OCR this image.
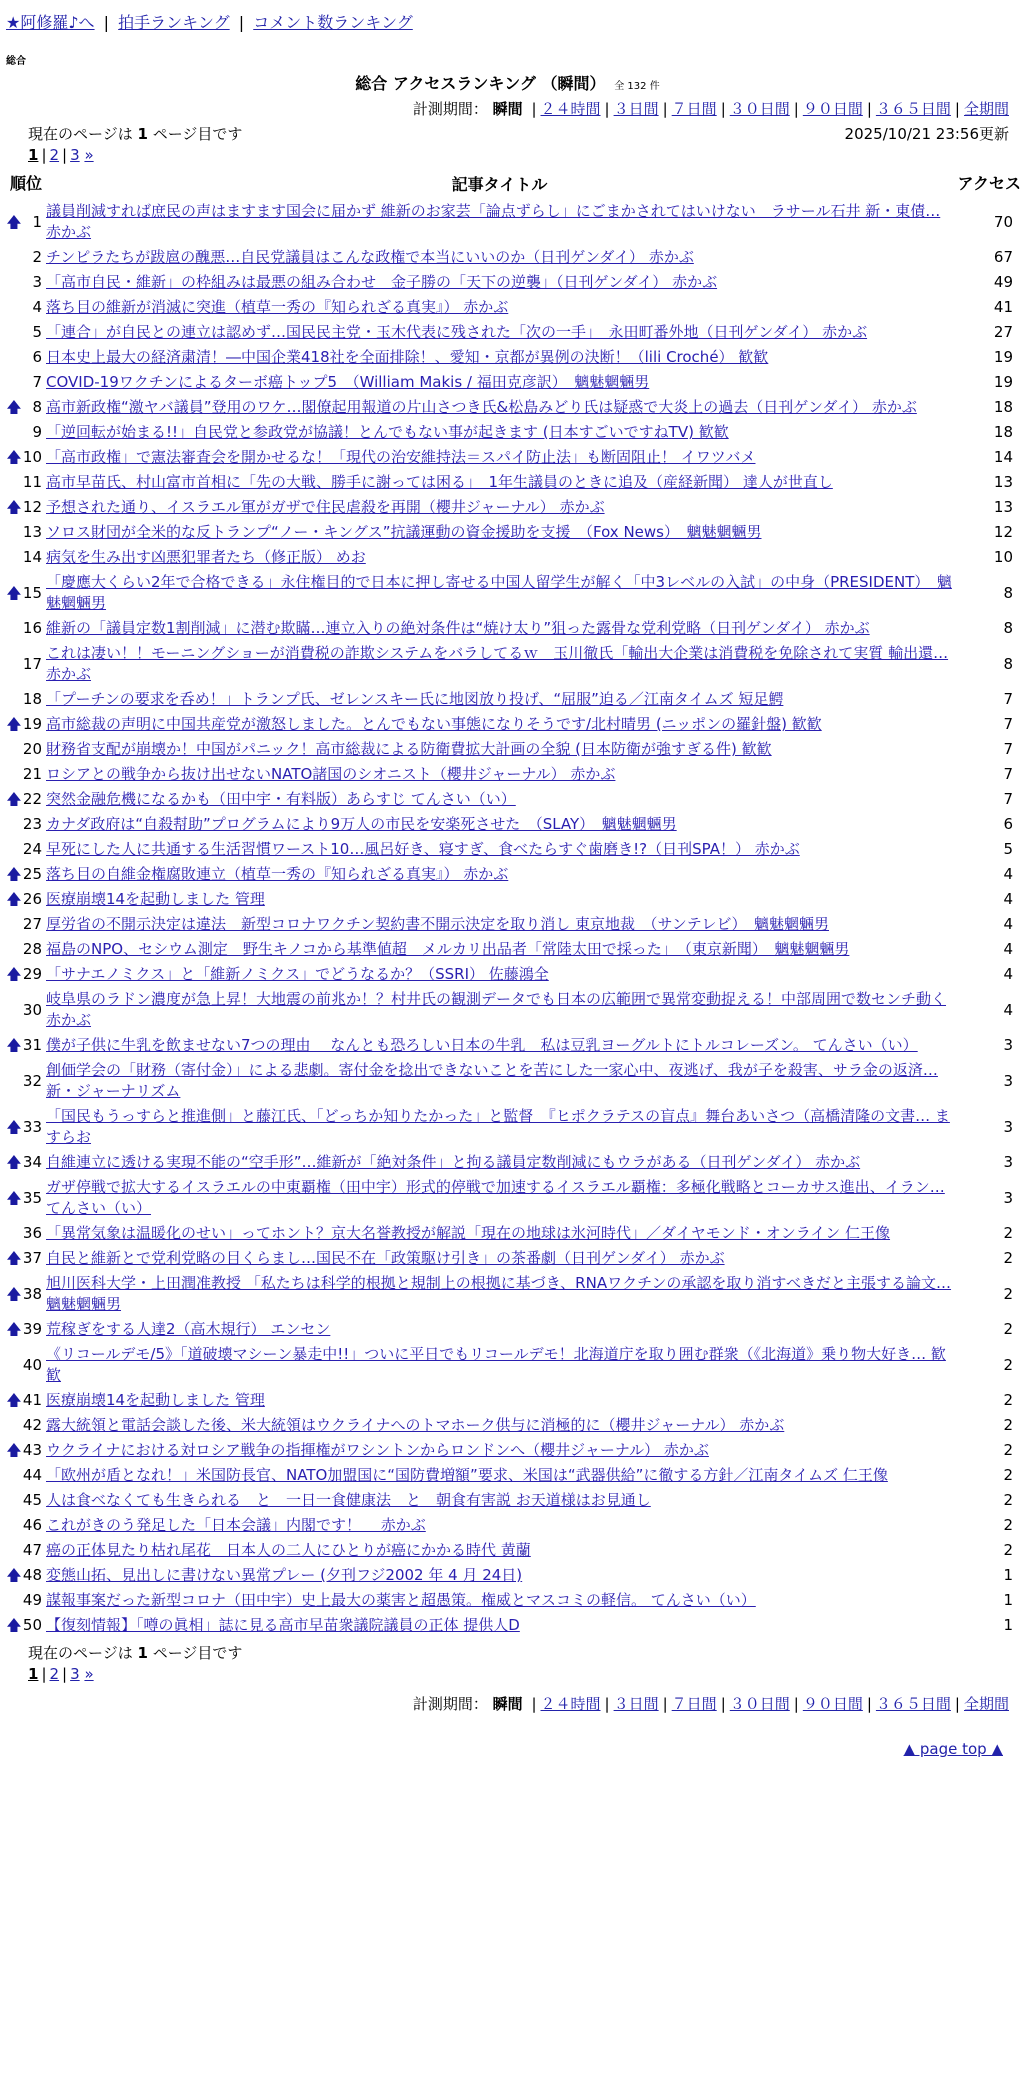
★阿修羅♪へ | 拍手ランキング | コメント数ランキング
総合
総合 アクセスランキング （瞬間） 全 132 件
計測期間： 瞬間 | ２４時間 | ３日間 | ７日間 | ３０日間 | ９０日間 | ３６５日間 | 全期間
現在のページは 1 ページ目です	2025/10/21 23:56更新
1 | 2 | 3 »
順位		記事タイトル	アクセス
🡅	1	議員削減すれば庶民の声はますます国会に届かず 維新のお家芸「論点ずらし」にごまかされてはいけない　ラサール石井 新・東債… 赤かぶ	70
	2	チンピラたちが跋扈の醜悪…自民党議員はこんな政権で本当にいいのか（日刊ゲンダイ） 赤かぶ	67
	3	「高市自民・維新」の枠組みは最悪の組み合わせ　金子勝の「天下の逆襲」（日刊ゲンダイ） 赤かぶ	49
	4	落ち目の維新が消滅に突進（植草一秀の『知られざる真実』） 赤かぶ	41
	5	「連合」が自民との連立は認めず…国民民主党・玉木代表に残された「次の一手」　永田町番外地（日刊ゲンダイ） 赤かぶ	27
	6	日本史上最大の経済粛清！―中国企業418社を全面排除！、愛知・京都が異例の決断！（lili Croché） 歓歓	19
	7	COVID-19ワクチンによるターボ癌トップ5　（William Makis / 福田克彦訳）　魑魅魍魎男	19
🡅	8	高市新政権“激ヤバ議員”登用のワケ…閣僚起用報道の片山さつき氏&松島みどり氏は疑惑で大炎上の過去（日刊ゲンダイ） 赤かぶ	18
	9	「逆回転が始まる!!」自民党と参政党が協議！とんでもない事が起きます (日本すごいですねTV) 歓歓	18
🡅	10	「高市政権」で憲法審査会を開かせるな！「現代の治安維持法＝スパイ防止法」も断固阻止！ イワツバメ	14
	11	高市早苗氏、村山富市首相に「先の大戦、勝手に謝っては困る」　1年生議員のときに追及（産経新聞） 達人が世直し	13
🡅	12	予想された通り、イスラエル軍がガザで住民虐殺を再開（櫻井ジャーナル） 赤かぶ	13
	13	ソロス財団が全米的な反トランプ“ノー・キングス”抗議運動の資金援助を支援　（Fox News）　魑魅魍魎男	12
	14	病気を生み出す凶悪犯罪者たち（修正版） めお	10
🡅	15	「慶應大くらい2年で合格できる」永住権目的で日本に押し寄せる中国人留学生が解く「中3レベルの入試」の中身（PRESIDENT）　魑魅魍魎男	8
	16	維新の「議員定数1割削減」に潜む欺瞞…連立入りの絶対条件は“焼け太り”狙った露骨な党利党略（日刊ゲンダイ） 赤かぶ	8
	17	これは凄い！！モーニングショーが消費税の詐欺システムをバラしてるｗ　玉川徹氏「輸出大企業は消費税を免除されて実質 輸出還… 赤かぶ	8
	18	「プーチンの要求を呑め！」トランプ氏、ゼレンスキー氏に地図放り投げ、“屈服”迫る／江南タイムズ 短足鰐	7
🡅	19	高市総裁の声明に中国共産党が激怒しました。とんでもない事態になりそうです/北村晴男 (ニッポンの羅針盤) 歓歓	7
	20	財務省支配が崩壊か！中国がパニック！高市総裁による防衛費拡大計画の全貌 (日本防衛が強すぎる件) 歓歓	7
	21	ロシアとの戦争から抜け出せないNATO諸国のシオニスト（櫻井ジャーナル） 赤かぶ	7
🡅	22	突然金融危機になるかも（田中宇・有料版）あらすじ てんさい（い）	7
	23	カナダ政府は“自殺幇助”プログラムにより9万人の市民を安楽死させた　（SLAY）　魑魅魍魎男	6
	24	早死にした人に共通する生活習慣ワースト10…風呂好き、寝すぎ、食べたらすぐ歯磨き!?（日刊SPA！） 赤かぶ	5
🡅	25	落ち目の自維金権腐敗連立（植草一秀の『知られざる真実』） 赤かぶ	4
🡅	26	医療崩壊14を起動しました 管理	4
	27	厚労省の不開示決定は違法　新型コロナワクチン契約書不開示決定を取り消し 東京地裁　（サンテレビ）　魑魅魍魎男	4
	28	福島のNPO、セシウム測定　野生キノコから基準値超　メルカリ出品者「常陸太田で採った」　（東京新聞）　魑魅魍魎男	4
🡅	29	「サナエノミクス」と「維新ノミクス」でどうなるか？（SSRI） 佐藤鴻全	4
	30	岐阜県のラドン濃度が急上昇！大地震の前兆か！？村井氏の観測データでも日本の広範囲で異常変動捉える！中部周囲で数センチ動く 赤かぶ	4
🡅	31	僕が子供に牛乳を飲ませない7つの理由　 なんとも恐ろしい日本の牛乳　私は豆乳ヨーグルトにトルコレーズン。 てんさい（い）	3
	32	創価学会の「財務（寄付金）」による悲劇。寄付金を捻出できないことを苦にした一家心中、夜逃げ、我が子を殺害、サラ金の返済… 新・ジャーナリズム	3
🡅	33	「国民もうっすらと推進側」と藤江氏、「どっちか知りたかった」と監督　『ヒポクラテスの盲点』舞台あいさつ（高橋清隆の文書… ますらお	3
🡅	34	自維連立に透ける実現不能の“空手形”…維新が「絶対条件」と拘る議員定数削減にもウラがある（日刊ゲンダイ） 赤かぶ	3
🡅	35	ガザ停戦で拡大するイスラエルの中東覇権（田中宇）形式的停戦で加速するイスラエル覇権：多極化戦略とコーカサス進出、イラン… てんさい（い）	3
	36	「異常気象は温暖化のせい」ってホント？京大名誉教授が解説「現在の地球は氷河時代」／ダイヤモンド・オンライン 仁王像	2
🡅	37	自民と維新とで党利党略の目くらまし…国民不在「政策駆け引き」の茶番劇（日刊ゲンダイ） 赤かぶ	2
🡅	38	旭川医科大学・上田潤准教授 「私たちは科学的根拠と規制上の根拠に基づき、RNAワクチンの承認を取り消すべきだと主張する論文… 魑魅魍魎男	2
🡅	39	荒稼ぎをする人達2（高木規行） エンセン	2
	40	《リコールデモ/5》「道破壊マシーン暴走中!!」ついに平日でもリコールデモ！北海道庁を取り囲む群衆（《北海道》乗り物大好き… 歓歓	2
🡅	41	医療崩壊14を起動しました 管理	2
	42	露大統領と電話会談した後、米大統領はウクライナへのトマホーク供与に消極的に（櫻井ジャーナル） 赤かぶ	2
🡅	43	ウクライナにおける対ロシア戦争の指揮権がワシントンからロンドンへ（櫻井ジャーナル） 赤かぶ	2
	44	「欧州が盾となれ！」米国防長官、NATO加盟国に“国防費増額”要求、米国は“武器供給”に徹する方針／江南タイムズ 仁王像	2
	45	人は食べなくても生きられる　と　一日一食健康法　と　朝食有害説 お天道様はお見通し	2
	46	これがきのう発足した「日本会議」内閣です！　 赤かぶ	2
	47	癌の正体見たり枯れ尾花　日本人の二人にひとりが癌にかかる時代 黄蘭	2
🡅	48	変態山拓、見出しに書けない異常プレー (夕刊フジ2002 年 4 月 24日)	1
	49	謀報事案だった新型コロナ（田中宇）史上最大の薬害と超愚策。権威とマスコミの軽信。 てんさい（い）	1
🡅	50	【復刻情報】「噂の眞相」誌に見る高市早苗衆議院議員の正体 提供人D	1
現在のページは 1 ページ目です
1 | 2 | 3 »
計測期間： 瞬間 | ２４時間 | ３日間 | ７日間 | ３０日間 | ９０日間 | ３６５日間 | 全期間
▲ page top ▲
